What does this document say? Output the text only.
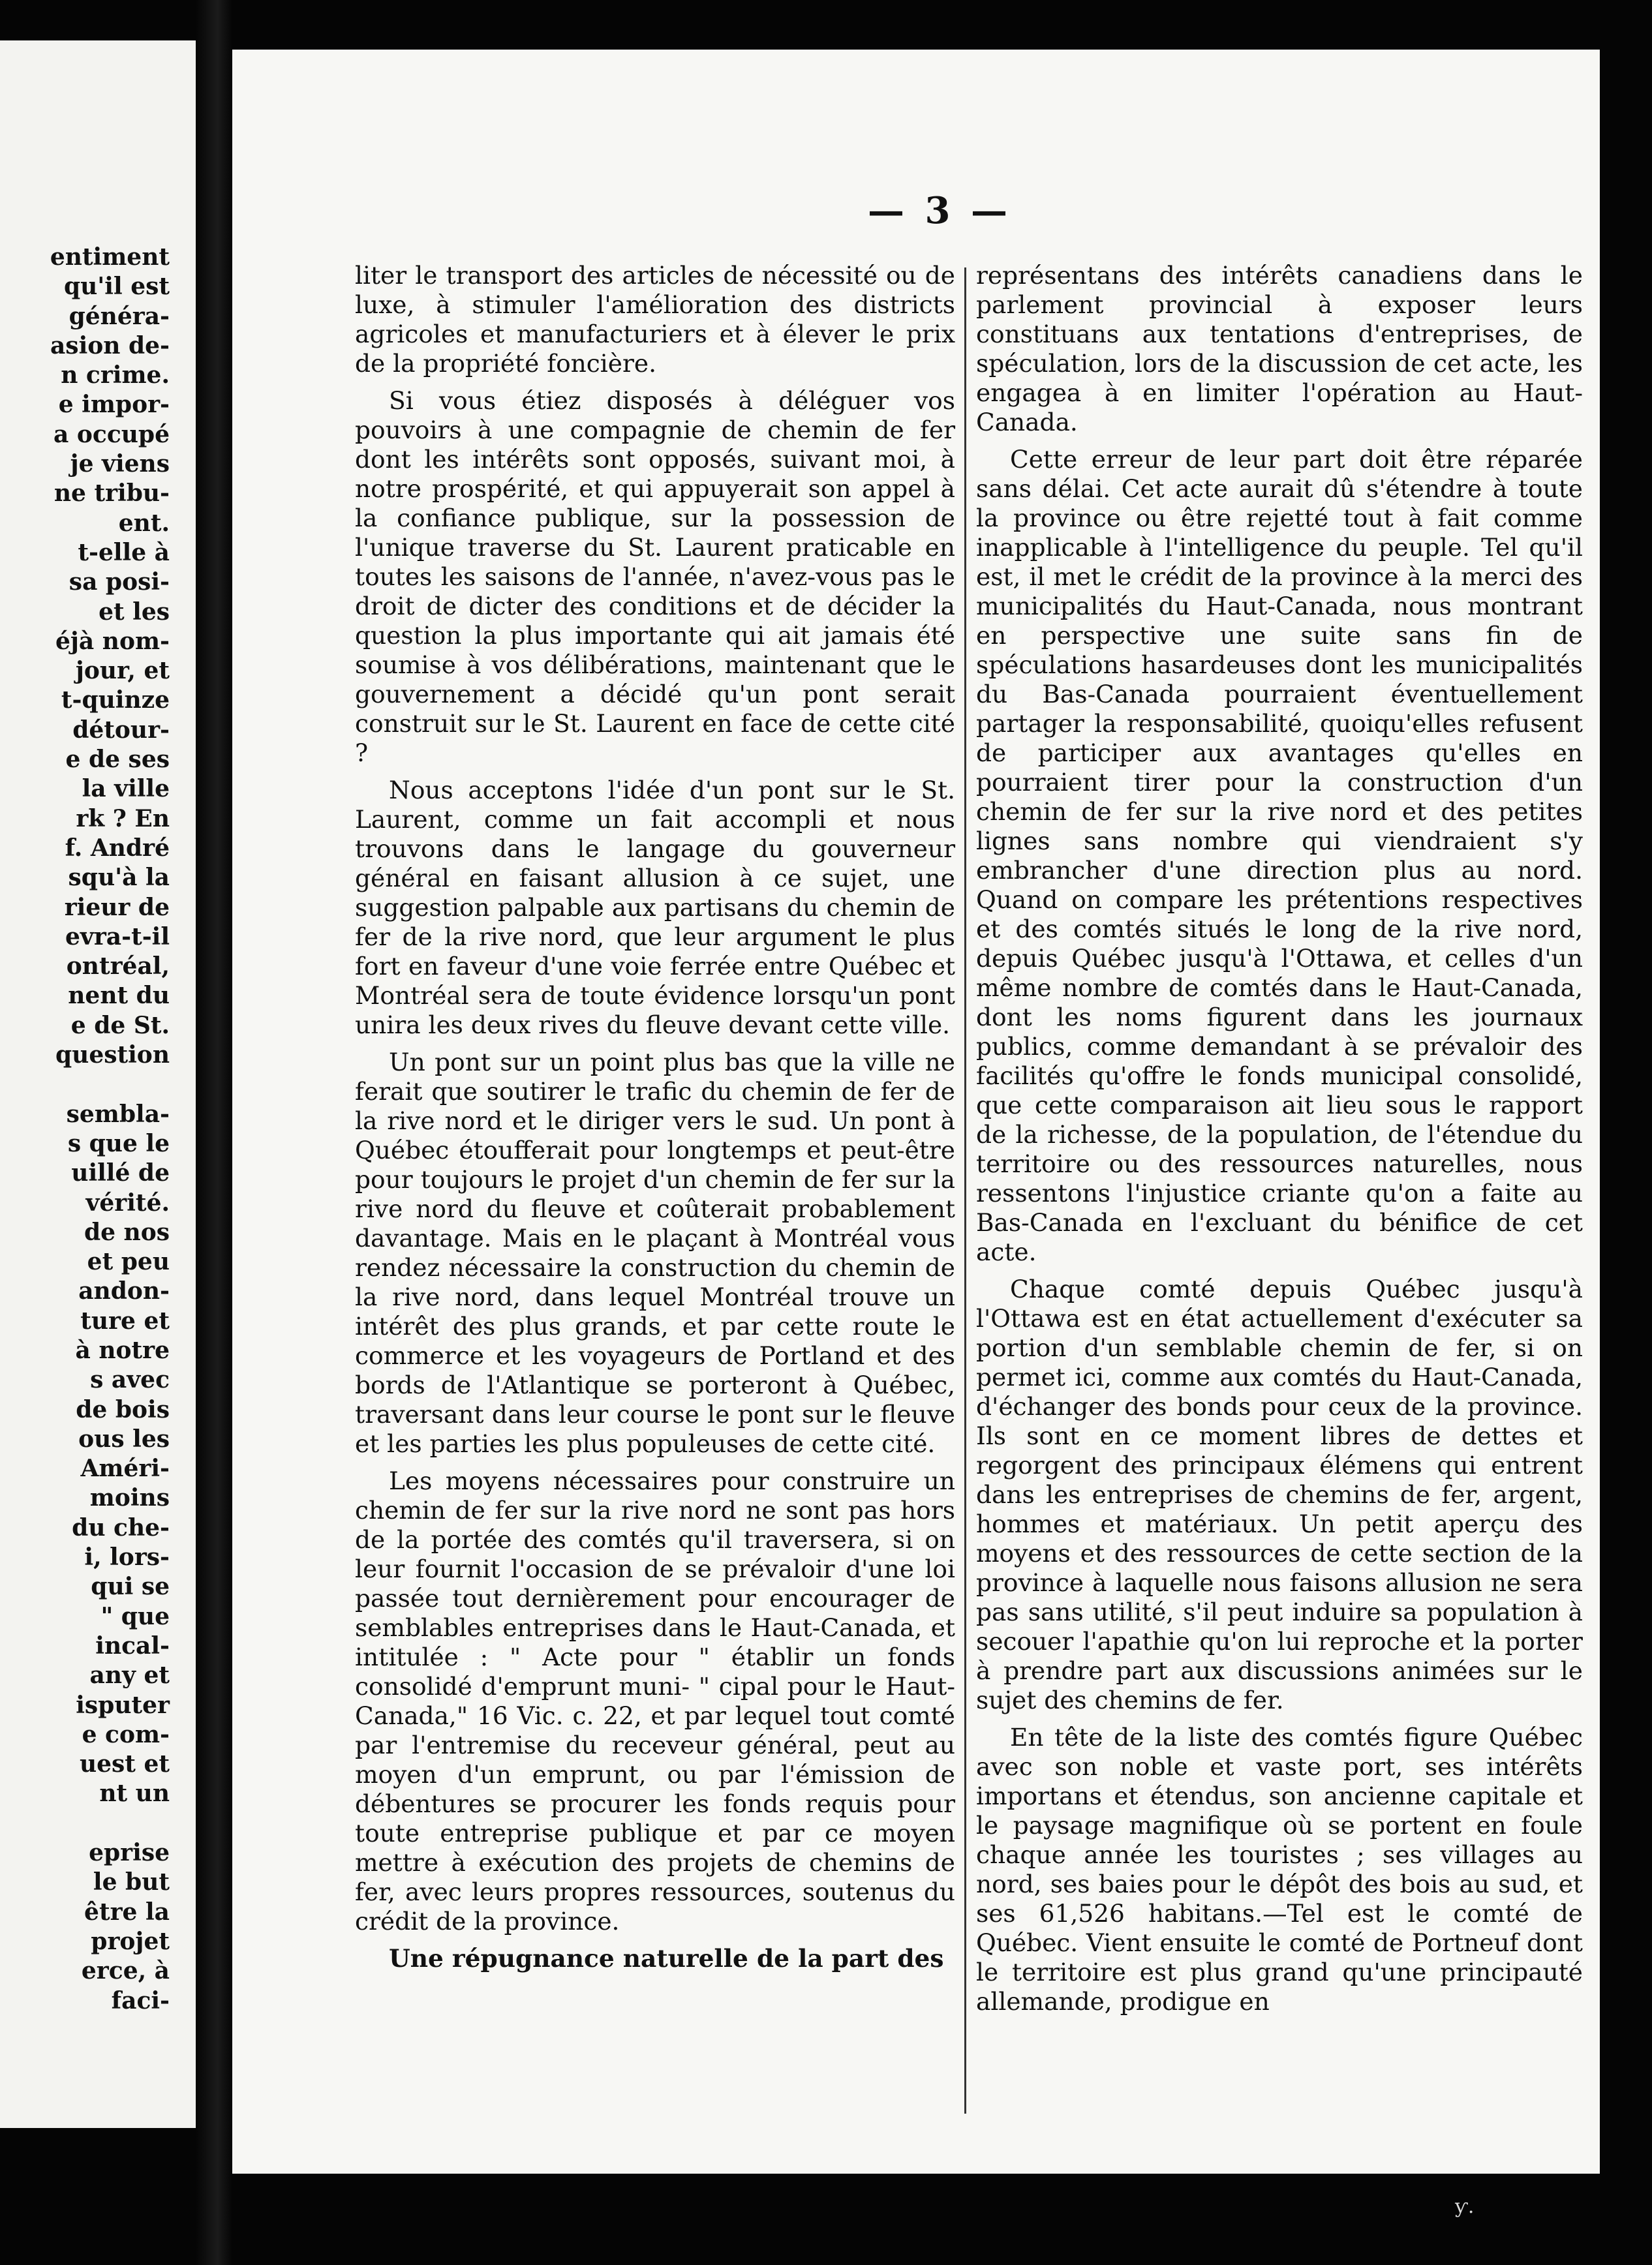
entiment
qu'il est
généra-
asion de-
n crime.
e impor-
a occupé
je viens
ne tribu-
ent.
t-elle à
sa posi-
et les
éjà nom-
jour, et
t-quinze
détour-
e de ses
la ville
rk ? En
f. André
squ'à la
rieur de
evra-t-il
ontréal,
nent du
e de St.
question
sembla-
s que le
uillé de
vérité.
de nos
et peu
andon-
ture et
à notre
s avec
de bois
ous les
Améri-
moins
du che-
i, lors-
qui se
" que
incal-
any et
isputer
e com-
uest et
nt un
eprise
le but
être la
projet
erce, à
faci-
— 3 —

liter le transport des articles de nécessité ou de luxe, à stimuler l'amélioration des districts agricoles et manufacturiers et à élever le prix de la propriété foncière.

Si vous étiez disposés à déléguer vos pouvoirs à une compagnie de chemin de fer dont les intérêts sont opposés, suivant moi, à notre prospérité, et qui appuyerait son appel à la confiance publique, sur la possession de l'unique traverse du St. Laurent praticable en toutes les saisons de l'année, n'avez-vous pas le droit de dicter des conditions et de décider la question la plus importante qui ait jamais été soumise à vos délibérations, maintenant que le gouvernement a décidé qu'un pont serait construit sur le St. Laurent en face de cette cité ?

Nous acceptons l'idée d'un pont sur le St. Laurent, comme un fait accompli et nous trouvons dans le langage du gouverneur général en faisant allusion à ce sujet, une suggestion palpable aux partisans du chemin de fer de la rive nord, que leur argument le plus fort en faveur d'une voie ferrée entre Québec et Montréal sera de toute évidence lorsqu'un pont unira les deux rives du fleuve devant cette ville.

Un pont sur un point plus bas que la ville ne ferait que soutirer le trafic du chemin de fer de la rive nord et le diriger vers le sud. Un pont à Québec étoufferait pour longtemps et peut-être pour toujours le projet d'un chemin de fer sur la rive nord du fleuve et coûterait probablement davantage. Mais en le plaçant à Montréal vous rendez nécessaire la construction du chemin de la rive nord, dans lequel Montréal trouve un intérêt des plus grands, et par cette route le commerce et les voyageurs de Portland et des bords de l'Atlantique se porteront à Québec, traversant dans leur course le pont sur le fleuve et les parties les plus populeuses de cette cité.

Les moyens nécessaires pour construire un chemin de fer sur la rive nord ne sont pas hors de la portée des comtés qu'il traversera, si on leur fournit l'occasion de se prévaloir d'une loi passée tout dernièrement pour encourager de semblables entreprises dans le Haut-Canada, et intitulée : " Acte pour " établir un fonds consolidé d'emprunt muni- " cipal pour le Haut-Canada," 16 Vic. c. 22, et par lequel tout comté par l'entremise du receveur général, peut au moyen d'un emprunt, ou par l'émission de débentures se procurer les fonds requis pour toute entreprise publique et par ce moyen mettre à exécution des projets de chemins de fer, avec leurs propres ressources, soutenus du crédit de la province.

Une répugnance naturelle de la part des

représentans des intérêts canadiens dans le parlement provincial à exposer leurs constituans aux tentations d'entreprises, de spéculation, lors de la discussion de cet acte, les engagea à en limiter l'opération au Haut-Canada.

Cette erreur de leur part doit être réparée sans délai. Cet acte aurait dû s'étendre à toute la province ou être rejetté tout à fait comme inapplicable à l'intelligence du peuple. Tel qu'il est, il met le crédit de la province à la merci des municipalités du Haut-Canada, nous montrant en perspective une suite sans fin de spéculations hasardeuses dont les municipalités du Bas-Canada pourraient éventuellement partager la responsabilité, quoiqu'elles refusent de participer aux avantages qu'elles en pourraient tirer pour la construction d'un chemin de fer sur la rive nord et des petites lignes sans nombre qui viendraient s'y embrancher d'une direction plus au nord. Quand on compare les prétentions respectives et des comtés situés le long de la rive nord, depuis Québec jusqu'à l'Ottawa, et celles d'un même nombre de comtés dans le Haut-Canada, dont les noms figurent dans les journaux publics, comme demandant à se prévaloir des facilités qu'offre le fonds municipal consolidé, que cette comparaison ait lieu sous le rapport de la richesse, de la population, de l'étendue du territoire ou des ressources naturelles, nous ressentons l'injustice criante qu'on a faite au Bas-Canada en l'excluant du bénifice de cet acte.

Chaque comté depuis Québec jusqu'à l'Ottawa est en état actuellement d'exécuter sa portion d'un semblable chemin de fer, si on permet ici, comme aux comtés du Haut-Canada, d'échanger des bonds pour ceux de la province. Ils sont en ce moment libres de dettes et regorgent des principaux élémens qui entrent dans les entreprises de chemins de fer, argent, hommes et matériaux. Un petit aperçu des moyens et des ressources de cette section de la province à laquelle nous faisons allusion ne sera pas sans utilité, s'il peut induire sa population à secouer l'apathie qu'on lui reproche et la porter à prendre part aux discussions animées sur le sujet des chemins de fer.

En tête de la liste des comtés figure Québec avec son noble et vaste port, ses intérêts importans et étendus, son ancienne capitale et le paysage magnifique où se portent en foule chaque année les touristes ; ses villages au nord, ses baies pour le dépôt des bois au sud, et ses 61,526 habitans.—Tel est le comté de Québec. Vient ensuite le comté de Portneuf dont le territoire est plus grand qu'une principauté allemande, prodigue en

ƴ.
